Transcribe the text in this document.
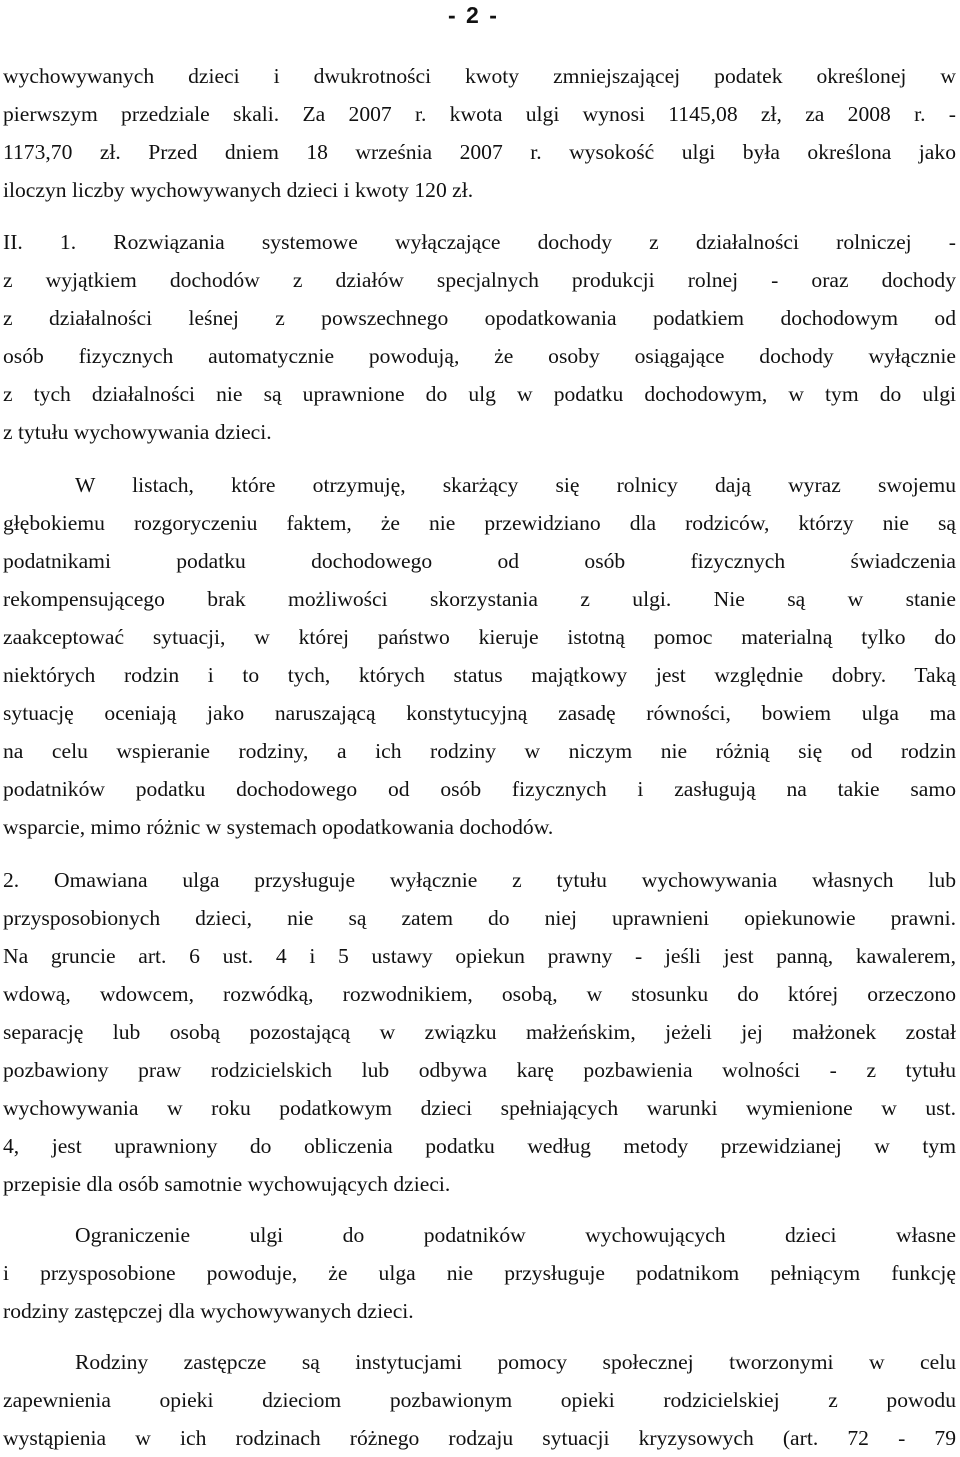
- 2 -
wychowywanych dzieci i dwukrotności kwoty zmniejszającej podatek określonej w
pierwszym przedziale skali. Za 2007 r. kwota ulgi wynosi 1145,08 zł, za 2008 r. -
1173,70 zł. Przed dniem 18 września 2007 r. wysokość ulgi była określona jako
iloczyn liczby wychowywanych dzieci i kwoty 120 zł.
II. 1. Rozwiązania systemowe wyłączające dochody z działalności rolniczej -
z wyjątkiem dochodów z działów specjalnych produkcji rolnej - oraz dochody
z działalności leśnej z powszechnego opodatkowania podatkiem dochodowym od
osób fizycznych automatycznie powodują, że osoby osiągające dochody wyłącznie
z tych działalności nie są uprawnione do ulg w podatku dochodowym, w tym do ulgi
z tytułu wychowywania dzieci.
W listach, które otrzymuję, skarżący się rolnicy dają wyraz swojemu
głębokiemu rozgoryczeniu faktem, że nie przewidziano dla rodziców, którzy nie są
podatnikami podatku dochodowego od osób fizycznych świadczenia
rekompensującego brak możliwości skorzystania z ulgi. Nie są w stanie
zaakceptować sytuacji, w której państwo kieruje istotną pomoc materialną tylko do
niektórych rodzin i to tych, których status majątkowy jest względnie dobry. Taką
sytuację oceniają jako naruszającą konstytucyjną zasadę równości, bowiem ulga ma
na celu wspieranie rodziny, a ich rodziny w niczym nie różnią się od rodzin
podatników podatku dochodowego od osób fizycznych i zasługują na takie samo
wsparcie, mimo różnic w systemach opodatkowania dochodów.
2. Omawiana ulga przysługuje wyłącznie z tytułu wychowywania własnych lub
przysposobionych dzieci, nie są zatem do niej uprawnieni opiekunowie prawni.
Na gruncie art. 6 ust. 4 i 5 ustawy opiekun prawny - jeśli jest panną, kawalerem,
wdową, wdowcem, rozwódką, rozwodnikiem, osobą, w stosunku do której orzeczono
separację lub osobą pozostającą w związku małżeńskim, jeżeli jej małżonek został
pozbawiony praw rodzicielskich lub odbywa karę pozbawienia wolności - z tytułu
wychowywania w roku podatkowym dzieci spełniających warunki wymienione w ust.
4, jest uprawniony do obliczenia podatku według metody przewidzianej w tym
przepisie dla osób samotnie wychowujących dzieci.
Ograniczenie ulgi do podatników wychowujących dzieci własne
i przysposobione powoduje, że ulga nie przysługuje podatnikom pełniącym funkcję
rodziny zastępczej dla wychowywanych dzieci.
Rodziny zastępcze są instytucjami pomocy społecznej tworzonymi w celu
zapewnienia opieki dzieciom pozbawionym opieki rodzicielskiej z powodu
wystąpienia w ich rodzinach różnego rodzaju sytuacji kryzysowych (art. 72 - 79
